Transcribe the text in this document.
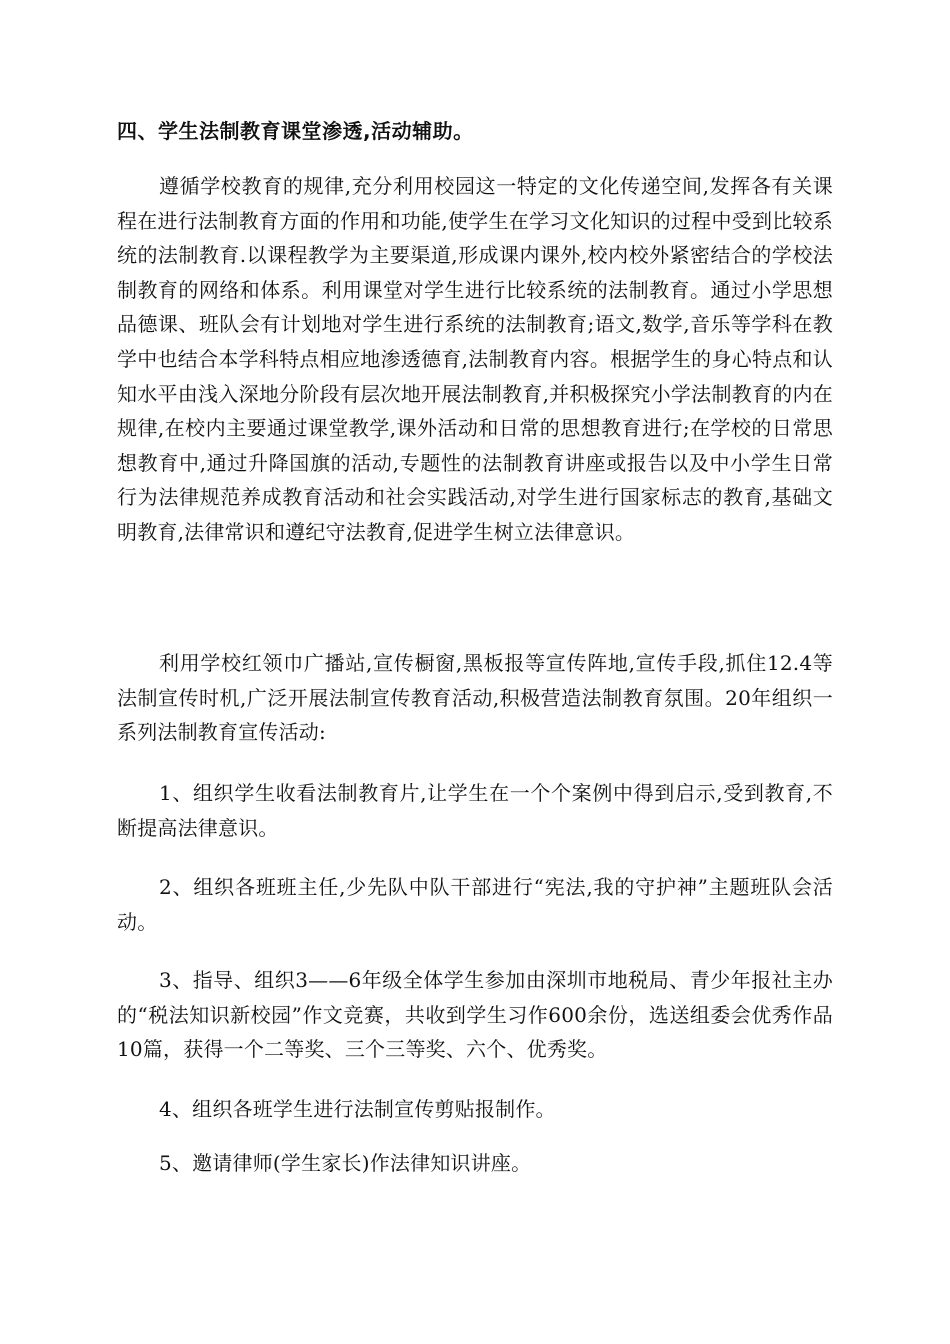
四、学生法制教育课堂渗透,活动辅助。

遵循学校教育的规律,充分利用校园这一特定的文化传递空间,发挥各有关课程在进行法制教育方面的作用和功能,使学生在学习文化知识的过程中受到比较系统的法制教育.以课程教学为主要渠道,形成课内课外,校内校外紧密结合的学校法制教育的网络和体系。利用课堂对学生进行比较系统的法制教育。通过小学思想品德课、班队会有计划地对学生进行系统的法制教育;语文,数学,音乐等学科在教学中也结合本学科特点相应地渗透德育,法制教育内容。根据学生的身心特点和认知水平由浅入深地分阶段有层次地开展法制教育,并积极探究小学法制教育的内在规律,在校内主要通过课堂教学,课外活动和日常的思想教育进行;在学校的日常思想教育中,通过升降国旗的活动,专题性的法制教育讲座或报告以及中小学生日常行为法律规范养成教育活动和社会实践活动,对学生进行国家标志的教育,基础文明教育,法律常识和遵纪守法教育,促进学生树立法律意识。

利用学校红领巾广播站,宣传橱窗,黑板报等宣传阵地,宣传手段,抓住12.4等法制宣传时机,广泛开展法制宣传教育活动,积极营造法制教育氛围。20年组织一系列法制教育宣传活动:

1、组织学生收看法制教育片,让学生在一个个案例中得到启示,受到教育,不断提高法律意识。

2、组织各班班主任,少先队中队干部进行“宪法,我的守护神”主题班队会活动。

3、指导、组织3——6年级全体学生参加由深圳市地税局、青少年报社主办的“税法知识新校园”作文竞赛，共收到学生习作600余份，选送组委会优秀作品10篇，获得一个二等奖、三个三等奖、六个、优秀奖。

4、组织各班学生进行法制宣传剪贴报制作。

5、邀请律师(学生家长)作法律知识讲座。
